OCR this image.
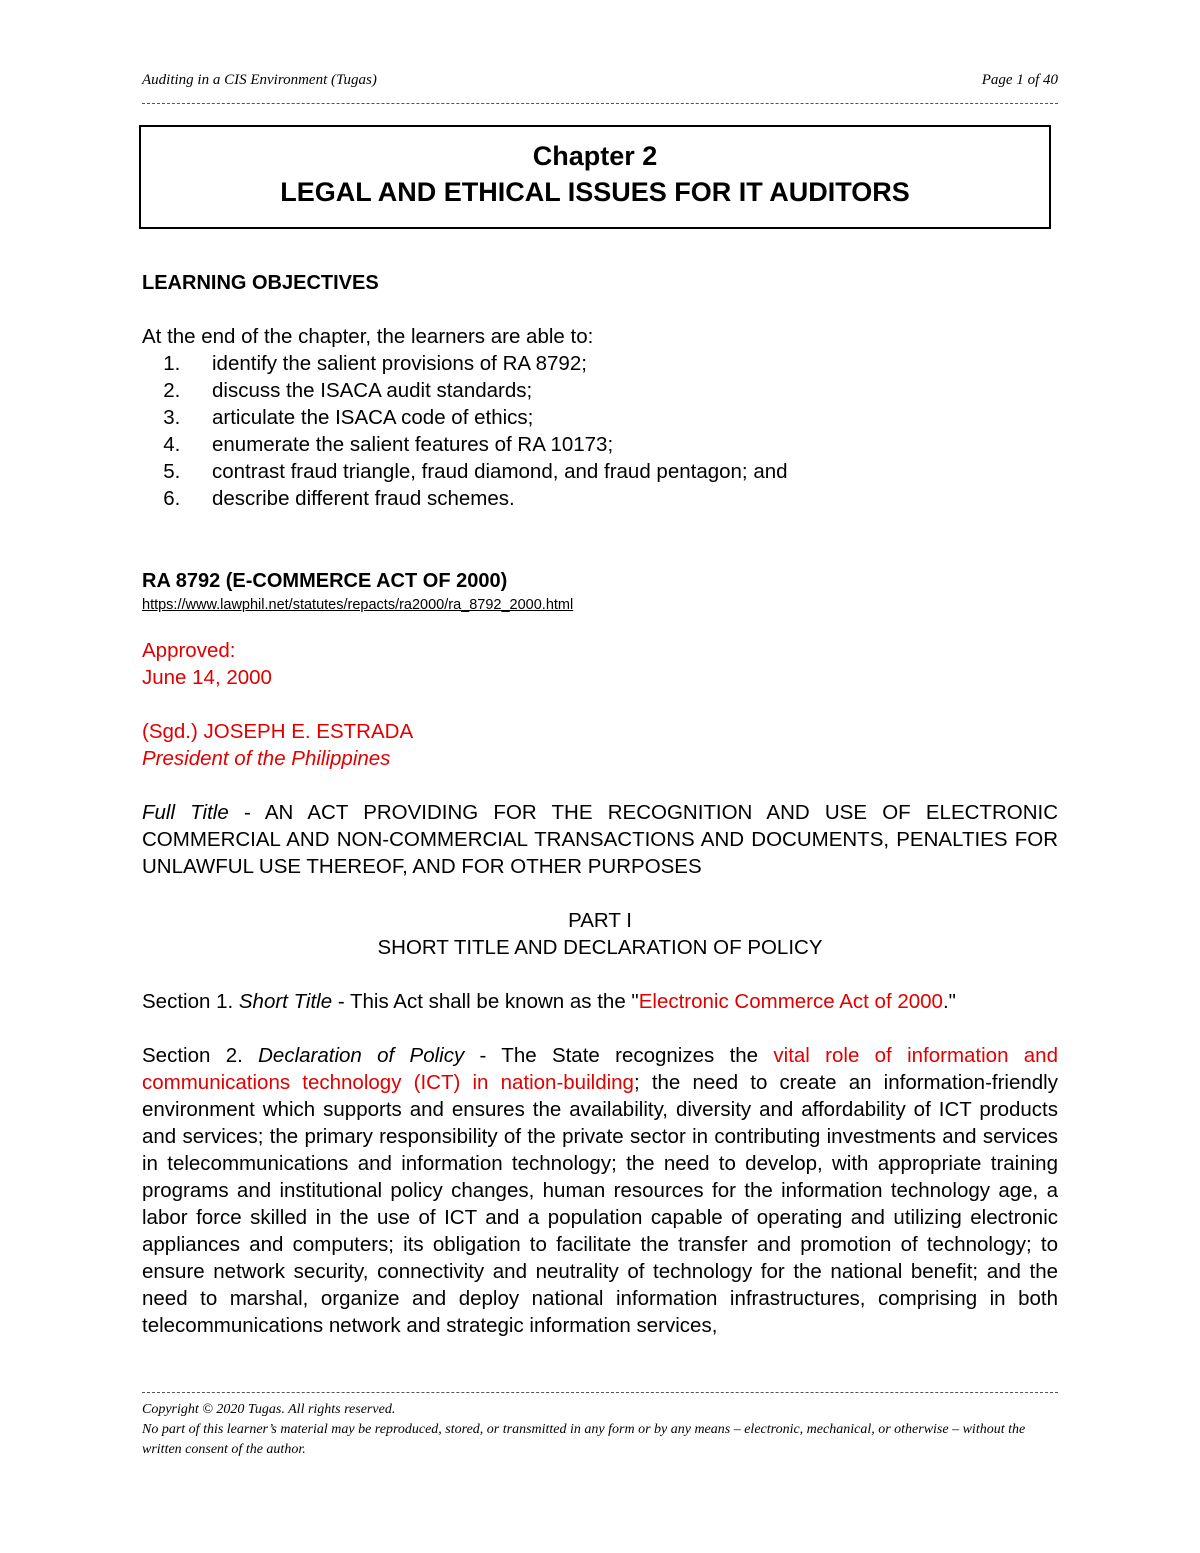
Auditing in a CIS Environment (Tugas)	Page 1 of 40
Chapter 2
LEGAL AND ETHICAL ISSUES FOR IT AUDITORS
LEARNING OBJECTIVES
At the end of the chapter, the learners are able to:
1. identify the salient provisions of RA 8792;
2. discuss the ISACA audit standards;
3. articulate the ISACA code of ethics;
4. enumerate the salient features of RA 10173;
5. contrast fraud triangle, fraud diamond, and fraud pentagon; and
6. describe different fraud schemes.
RA 8792 (E-COMMERCE ACT OF 2000)
https://www.lawphil.net/statutes/repacts/ra2000/ra_8792_2000.html
Approved:
June 14, 2000
(Sgd.) JOSEPH E. ESTRADA
President of the Philippines
Full Title - AN ACT PROVIDING FOR THE RECOGNITION AND USE OF ELECTRONIC COMMERCIAL AND NON-COMMERCIAL TRANSACTIONS AND DOCUMENTS, PENALTIES FOR UNLAWFUL USE THEREOF, AND FOR OTHER PURPOSES
PART I
SHORT TITLE AND DECLARATION OF POLICY
Section 1. Short Title - This Act shall be known as the "Electronic Commerce Act of 2000."
Section 2. Declaration of Policy - The State recognizes the vital role of information and communications technology (ICT) in nation-building; the need to create an information-friendly environment which supports and ensures the availability, diversity and affordability of ICT products and services; the primary responsibility of the private sector in contributing investments and services in telecommunications and information technology; the need to develop, with appropriate training programs and institutional policy changes, human resources for the information technology age, a labor force skilled in the use of ICT and a population capable of operating and utilizing electronic appliances and computers; its obligation to facilitate the transfer and promotion of technology; to ensure network security, connectivity and neutrality of technology for the national benefit; and the need to marshal, organize and deploy national information infrastructures, comprising in both telecommunications network and strategic information services,
Copyright © 2020 Tugas. All rights reserved.
No part of this learner’s material may be reproduced, stored, or transmitted in any form or by any means – electronic, mechanical, or otherwise – without the written consent of the author.
